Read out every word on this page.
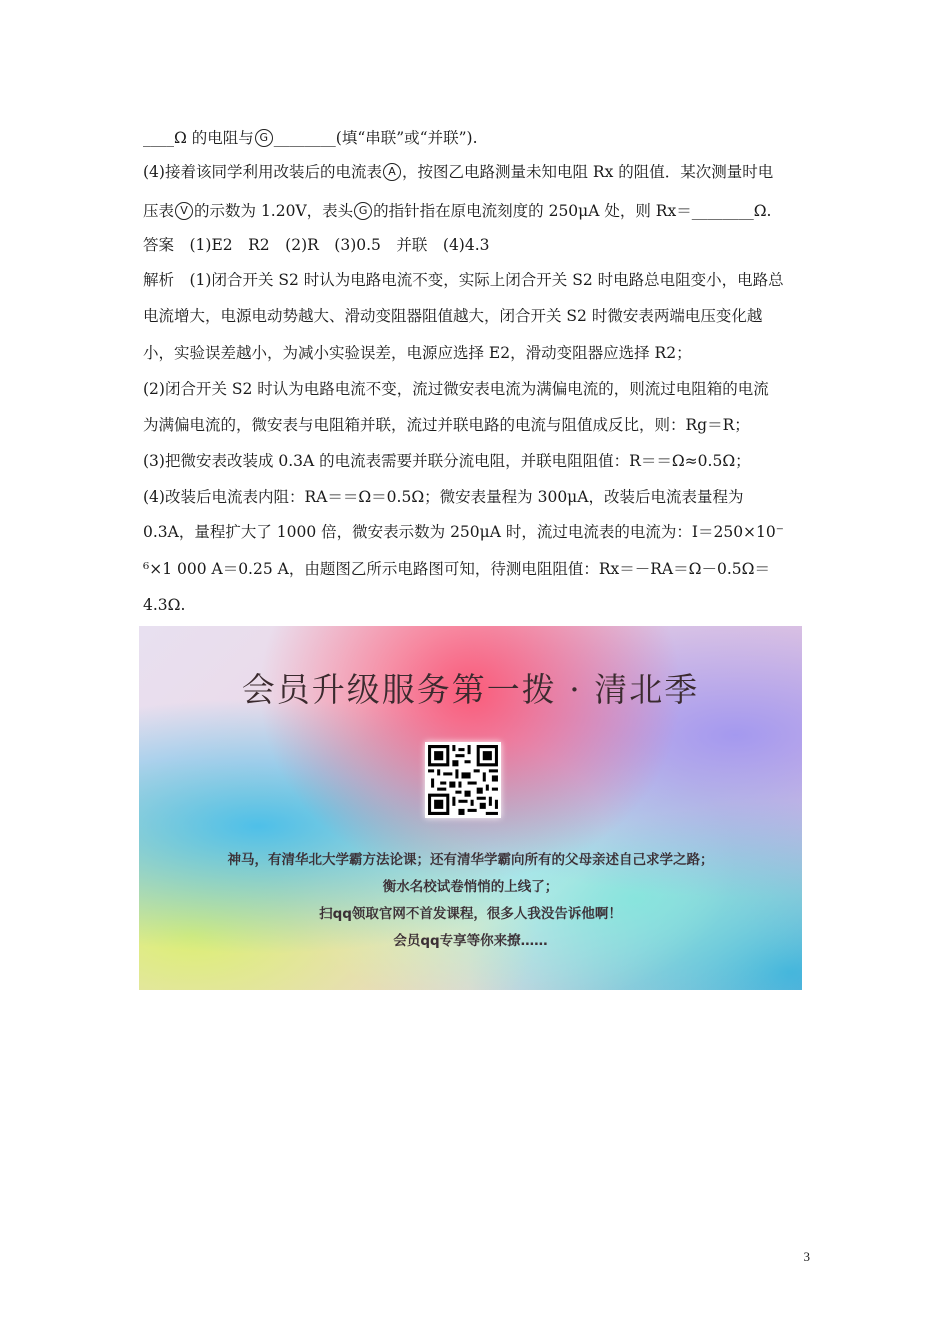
____Ω 的电阻与 G ________(填“串联”或“并联”).
(4)接着该同学利用改装后的电流表 A ，按图乙电路测量未知电阻 Rx 的阻值．某次测量时电
压表 V 的示数为 1.20V，表头 G 的指针指在原电流刻度的 250μA 处，则 Rx＝________Ω.
答案　(1)E2　R2　(2)R　(3)0.5　并联　(4)4.3
解析　(1)闭合开关 S2 时认为电路电流不变，实际上闭合开关 S2 时电路总电阻变小，电路总
电流增大，电源电动势越大、滑动变阻器阻值越大，闭合开关 S2 时微安表两端电压变化越
小，实验误差越小，为减小实验误差，电源应选择 E2，滑动变阻器应选择 R2；
(2)闭合开关 S2 时认为电路电流不变，流过微安表电流为满偏电流的，则流过电阻箱的电流
为满偏电流的，微安表与电阻箱并联，流过并联电路的电流与阻值成反比，则：Rg＝R；
(3)把微安表改装成 0.3A 的电流表需要并联分流电阻，并联电阻阻值：R＝＝Ω≈0.5Ω；
(4)改装后电流表内阻：RA＝＝Ω＝0.5Ω；微安表量程为 300μA，改装后电流表量程为
0.3A，量程扩大了 1000 倍，微安表示数为 250μA 时，流过电流表的电流为：I＝250×10⁻
⁶×1 000 A＝0.25 A，由题图乙所示电路图可知，待测电阻阻值：Rx＝－RA＝Ω－0.5Ω＝
4.3Ω.
会员升级服务第一拨 · 清北季
神马，有清华北大学霸方法论课；还有清华学霸向所有的父母亲述自己求学之路；
衡水名校试卷悄悄的上线了；
扫qq领取官网不首发课程，很多人我没告诉他啊！
会员qq专享等你来撩……
3
